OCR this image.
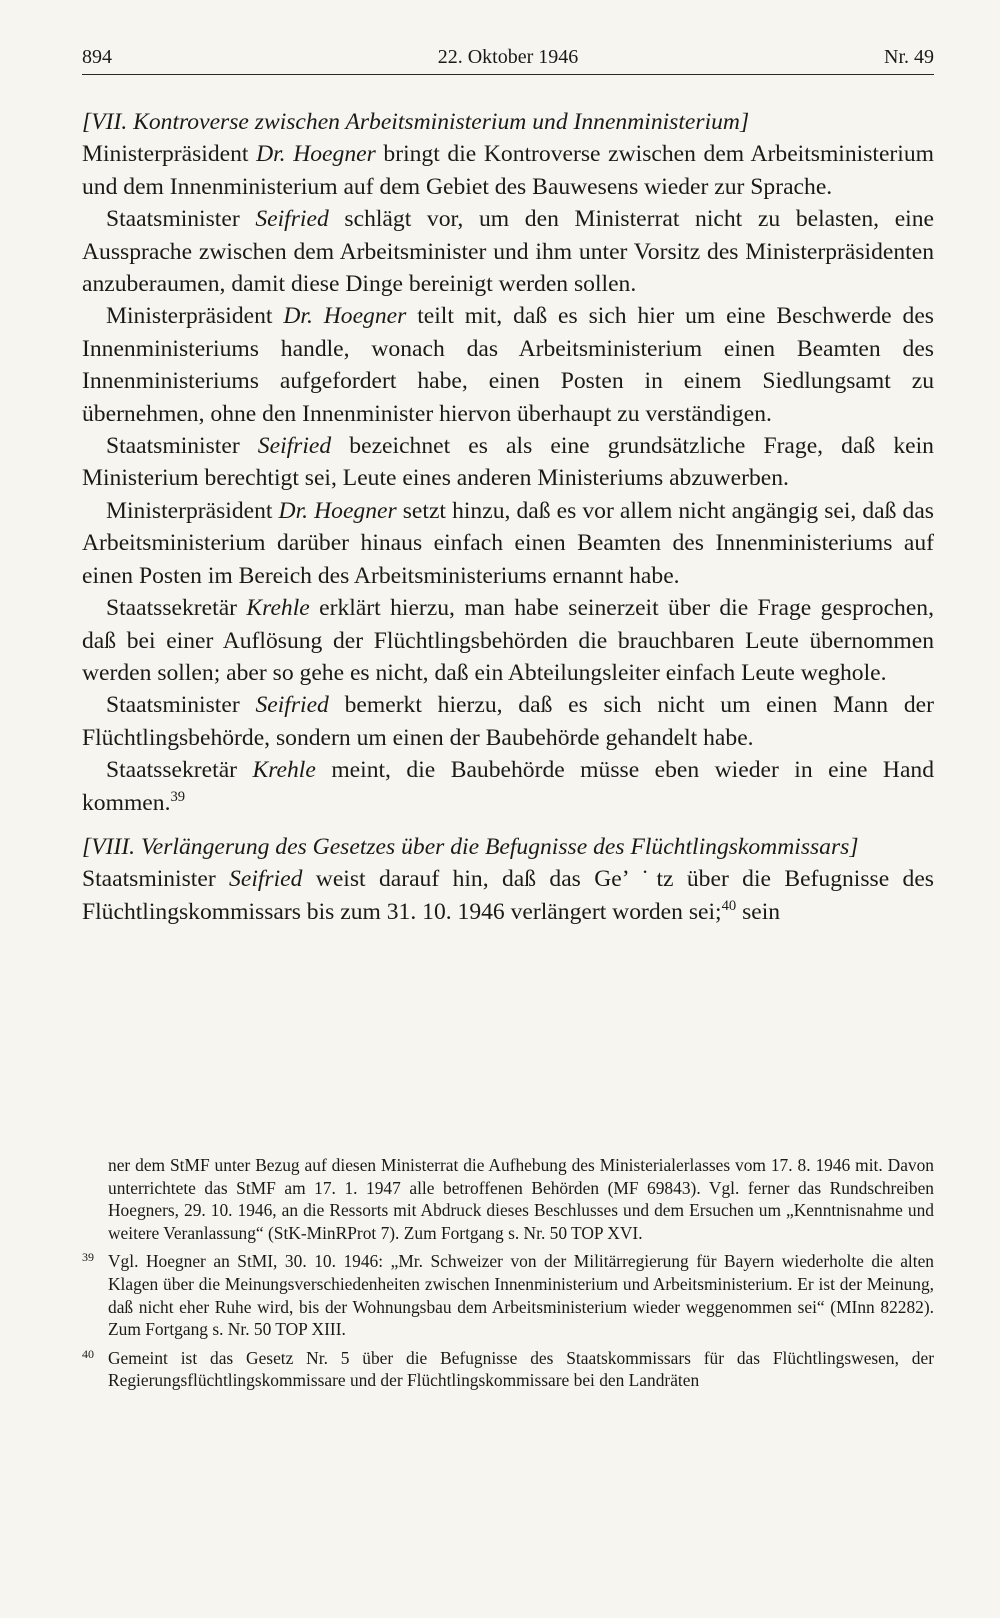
894	22. Oktober 1946	Nr. 49

[VII. Kontroverse zwischen Arbeitsministerium und Innenministerium]

Ministerpräsident Dr. Hoegner bringt die Kontroverse zwischen dem Arbeitsministerium und dem Innenministerium auf dem Gebiet des Bauwesens wieder zur Sprache.

Staatsminister Seifried schlägt vor, um den Ministerrat nicht zu belasten, eine Aussprache zwischen dem Arbeitsminister und ihm unter Vorsitz des Ministerpräsidenten anzuberaumen, damit diese Dinge bereinigt werden sollen.

Ministerpräsident Dr. Hoegner teilt mit, daß es sich hier um eine Beschwerde des Innenministeriums handle, wonach das Arbeitsministerium einen Beamten des Innenministeriums aufgefordert habe, einen Posten in einem Siedlungsamt zu übernehmen, ohne den Innenminister hiervon überhaupt zu verständigen.

Staatsminister Seifried bezeichnet es als eine grundsätzliche Frage, daß kein Ministerium berechtigt sei, Leute eines anderen Ministeriums abzuwerben.

Ministerpräsident Dr. Hoegner setzt hinzu, daß es vor allem nicht angängig sei, daß das Arbeitsministerium darüber hinaus einfach einen Beamten des Innenministeriums auf einen Posten im Bereich des Arbeitsministeriums ernannt habe.

Staatssekretär Krehle erklärt hierzu, man habe seinerzeit über die Frage gesprochen, daß bei einer Auflösung der Flüchtlingsbehörden die brauchbaren Leute übernommen werden sollen; aber so gehe es nicht, daß ein Abteilungsleiter einfach Leute weghole.

Staatsminister Seifried bemerkt hierzu, daß es sich nicht um einen Mann der Flüchtlingsbehörde, sondern um einen der Baubehörde gehandelt habe.

Staatssekretär Krehle meint, die Baubehörde müsse eben wieder in eine Hand kommen.$^{39}$

[VIII. Verlängerung des Gesetzes über die Befugnisse des Flüchtlingskommissars]

Staatsminister Seifried weist darauf hin, daß das Ge’ ˙tz über die Befugnisse des Flüchtlingskommissars bis zum 31. 10. 1946 verlängert worden sei;$^{40}$ sein

ner dem StMF unter Bezug auf diesen Ministerrat die Aufhebung des Ministerialerlasses vom 17. 8. 1946 mit. Davon unterrichtete das StMF am 17. 1. 1947 alle betroffenen Behörden (MF 69843). Vgl. ferner das Rundschreiben Hoegners, 29. 10. 1946, an die Ressorts mit Abdruck dieses Beschlusses und dem Ersuchen um „Kenntnisnahme und weitere Veranlassung“ (StK-MinRProt 7). Zum Fortgang s. Nr. 50 TOP XVI.
39 Vgl. Hoegner an StMI, 30. 10. 1946: „Mr. Schweizer von der Militärregierung für Bayern wiederholte die alten Klagen über die Meinungsverschiedenheiten zwischen Innenministerium und Arbeitsministerium. Er ist der Meinung, daß nicht eher Ruhe wird, bis der Wohnungsbau dem Arbeitsministerium wieder weggenommen sei“ (MInn 82282). Zum Fortgang s. Nr. 50 TOP XIII.
40 Gemeint ist das Gesetz Nr. 5 über die Befugnisse des Staatskommissars für das Flüchtlingswesen, der Regierungsflüchtlingskommissare und der Flüchtlingskommissare bei den Landräten
